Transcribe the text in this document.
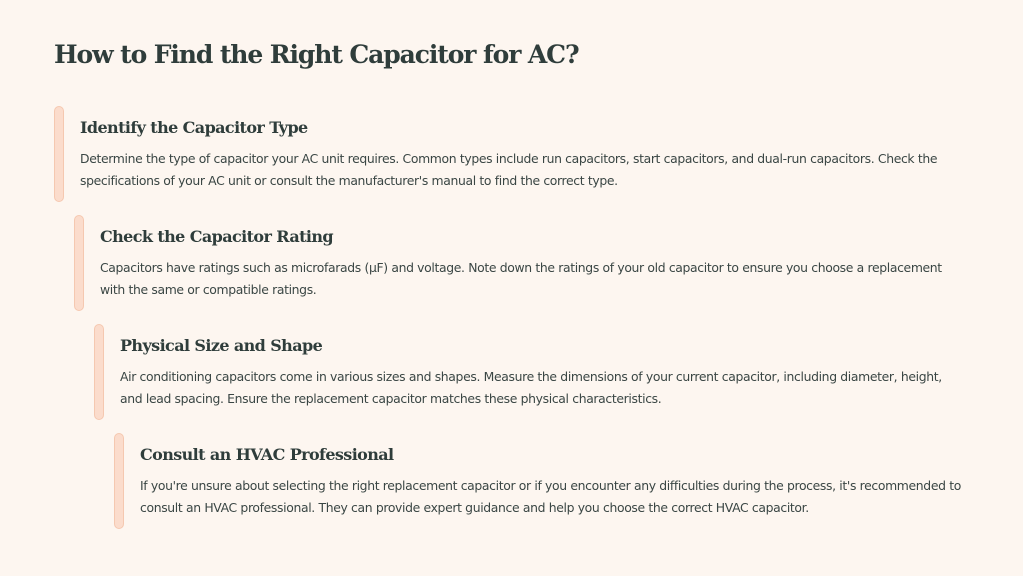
How to Find the Right Capacitor for AC?
Identify the Capacitor Type

Determine the type of capacitor your AC unit requires. Common types include run capacitors, start capacitors, and dual-run capacitors. Check the specifications of your AC unit or consult the manufacturer's manual to find the correct type.

Check the Capacitor Rating

Capacitors have ratings such as microfarads (μF) and voltage. Note down the ratings of your old capacitor to ensure you choose a replacement with the same or compatible ratings.

Physical Size and Shape

Air conditioning capacitors come in various sizes and shapes. Measure the dimensions of your current capacitor, including diameter, height, and lead spacing. Ensure the replacement capacitor matches these physical characteristics.

Consult an HVAC Professional

If you're unsure about selecting the right replacement capacitor or if you encounter any difficulties during the process, it's recommended to consult an HVAC professional. They can provide expert guidance and help you choose the correct HVAC capacitor.
